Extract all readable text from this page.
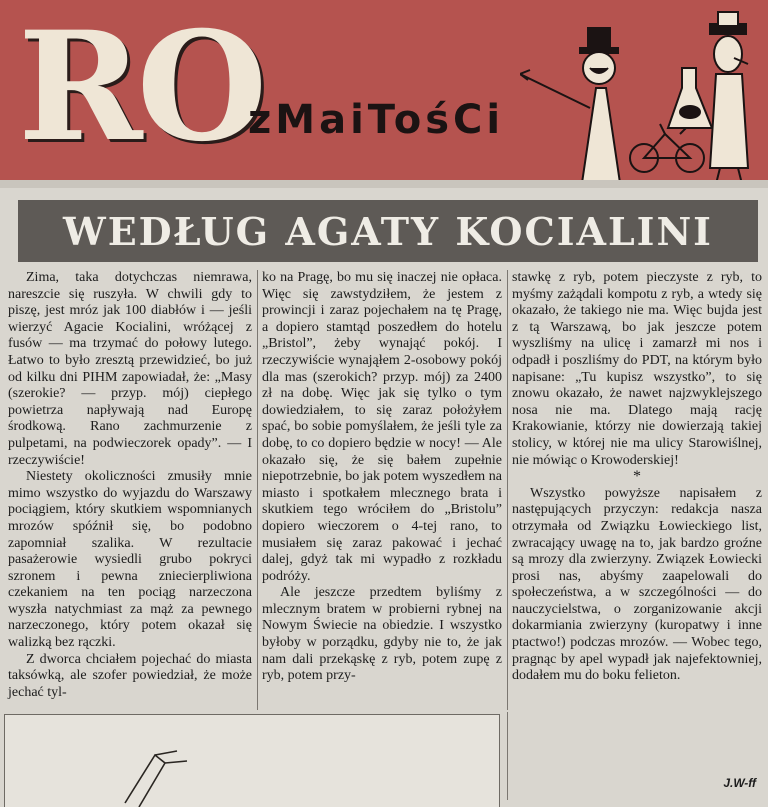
RO
zMaiTośCi
WEDŁUG AGATY KOCIALINI

Zima, taka dotychczas niemrawa, nareszcie się ruszyła. W chwili gdy to piszę, jest mróz jak 100 diabłów i — jeśli wierzyć Agacie Kocialini, wróżącej z fusów — ma trzymać do połowy lutego. Łatwo to było zresztą przewidzieć, bo już od kilku dni PIHM zapowiadał, że: „Masy (szerokie? — przyp. mój) ciepłego powietrza napływają nad Europę środkową. Rano zachmurzenie z pulpetami, na podwieczorek opady”. — I rzeczywiście!

Niestety okoliczności zmusiły mnie mimo wszystko do wyjazdu do Warszawy pociągiem, który skutkiem wspomnianych mrozów spóźnił się, bo podobno zapomniał szalika. W rezultacie pasażerowie wysiedli grubo pokryci szronem i pewna zniecierpliwiona czekaniem na ten pociąg narzeczona wyszła natychmiast za mąż za pewnego narzeczonego, który potem okazał się walizką bez rączki.

Z dworca chciałem pojechać do miasta taksówką, ale szofer powiedział, że może jechać tyl-

ko na Pragę, bo mu się inaczej nie opłaca. Więc się zawstydziłem, że jestem z prowincji i zaraz pojechałem na tę Pragę, a dopiero stamtąd poszedłem do hotelu „Bristol”, żeby wynająć pokój. I rzeczywiście wynająłem 2-osobowy pokój dla mas (szerokich? przyp. mój) za 2400 zł na dobę. Więc jak się tylko o tym dowiedziałem, to się zaraz położyłem spać, bo sobie pomyślałem, że jeśli tyle za dobę, to co dopiero będzie w nocy! — Ale okazało się, że się bałem zupełnie niepotrzebnie, bo jak potem wyszedłem na miasto i spotkałem mlecznego brata i skutkiem tego wróciłem do „Bristolu” dopiero wieczorem o 4-tej rano, to musiałem się zaraz pakować i jechać dalej, gdyż tak mi wypadło z rozkładu podróży.

Ale jeszcze przedtem byliśmy z mlecznym bratem w probierni rybnej na Nowym Świecie na obiedzie. I wszystko byłoby w porządku, gdyby nie to, że jak nam dali przekąskę z ryb, potem zupę z ryb, potem przy-

stawkę z ryb, potem pieczyste z ryb, to myśmy zażądali kompotu z ryb, a wtedy się okazało, że takiego nie ma. Więc bujda jest z tą Warszawą, bo jak jeszcze potem wyszliśmy na ulicę i zamarzł mi nos i odpadł i poszliśmy do PDT, na którym było napisane: „Tu kupisz wszystko”, to się znowu okazało, że nawet najzwyklejszego nosa nie ma. Dlatego mają rację Krakowianie, którzy nie dowierzają takiej stolicy, w której nie ma ulicy Starowiślnej, nie mówiąc o Krowoderskiej!

*

Wszystko powyższe napisałem z następujących przyczyn: redakcja nasza otrzymała od Związku Łowieckiego list, zwracający uwagę na to, jak bardzo groźne są mrozy dla zwierzyny. Związek Łowiecki prosi nas, abyśmy zaapelowali do społeczeństwa, a w szczególności — do nauczycielstwa, o zorganizowanie akcji dokarmiania zwierzyny (kuropatwy i inne ptactwo!) podczas mrozów. — Wobec tego, pragnąc by apel wypadł jak najefektowniej, dodałem mu do boku felieton.

J.W-ff
